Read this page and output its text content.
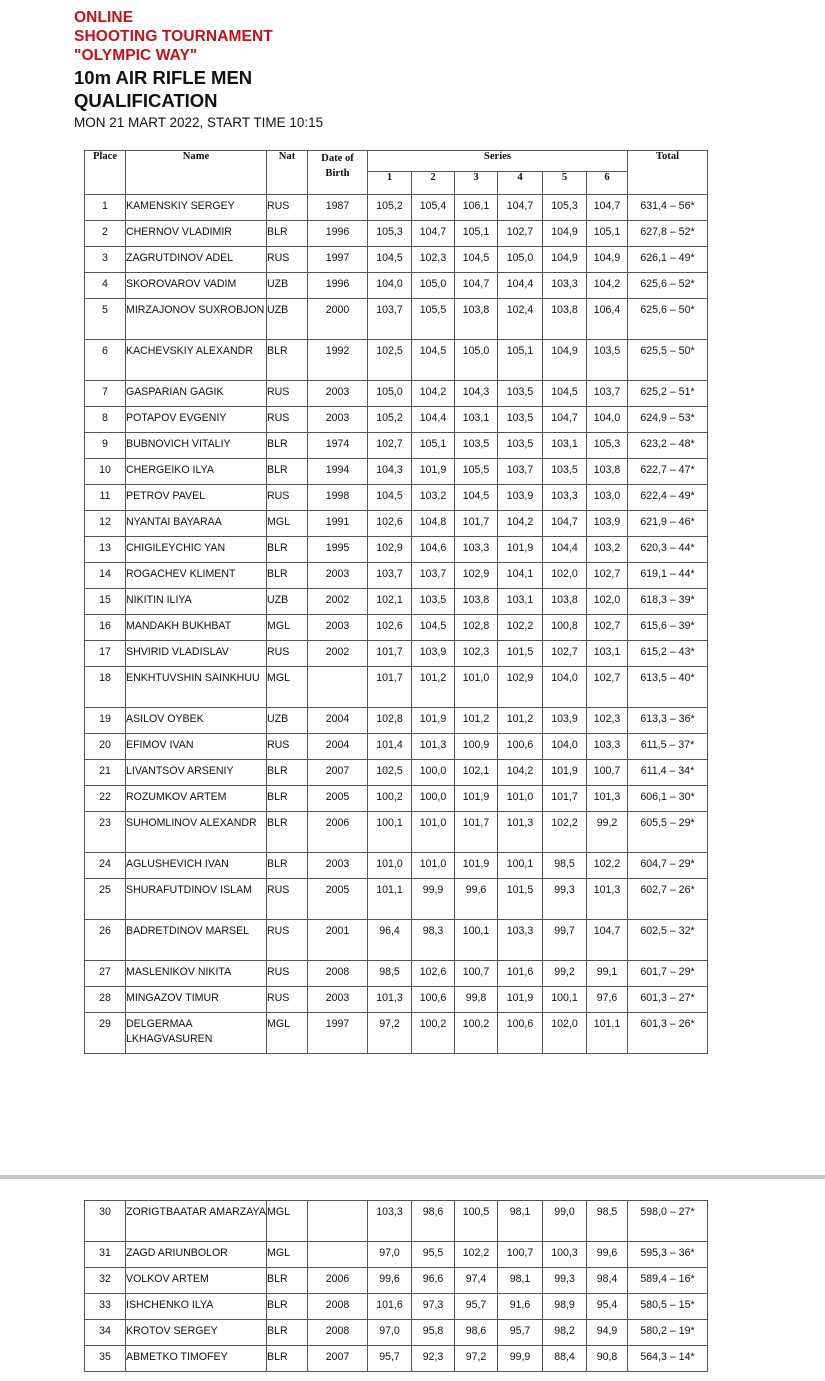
ONLINE
SHOOTING TOURNAMENT
"OLYMPIC WAY"
10m AIR RIFLE MEN
QUALIFICATION
MON 21 MART 2022, START TIME 10:15
Place	Name	Nat	Date of Birth	Series						Total
				1	2	3	4	5	6	
1	KAMENSKIY SERGEY	RUS	1987	105,2	105,4	106,1	104,7	105,3	104,7	631,4 – 56*
2	CHERNOV VLADIMIR	BLR	1996	105,3	104,7	105,1	102,7	104,9	105,1	627,8 – 52*
3	ZAGRUTDINOV ADEL	RUS	1997	104,5	102,3	104,5	105,0	104,9	104,9	626,1 – 49*
4	SKOROVAROV VADIM	UZB	1996	104,0	105,0	104,7	104,4	103,3	104,2	625,6 – 52*
5	MIRZAJONOV SUXROBJON	UZB	2000	103,7	105,5	103,8	102,4	103,8	106,4	625,6 – 50*
6	KACHEVSKIY ALEXANDR	BLR	1992	102,5	104,5	105,0	105,1	104,9	103,5	625,5 – 50*
7	GASPARIAN GAGIK	RUS	2003	105,0	104,2	104,3	103,5	104,5	103,7	625,2 – 51*
8	POTAPOV EVGENIY	RUS	2003	105,2	104,4	103,1	103,5	104,7	104,0	624,9 – 53*
9	BUBNOVICH VITALIY	BLR	1974	102,7	105,1	103,5	103,5	103,1	105,3	623,2 – 48*
10	CHERGEIKO ILYA	BLR	1994	104,3	101,9	105,5	103,7	103,5	103,8	622,7 – 47*
11	PETROV PAVEL	RUS	1998	104,5	103,2	104,5	103,9	103,3	103,0	622,4 – 49*
12	NYANTAI BAYARAA	MGL	1991	102,6	104,8	101,7	104,2	104,7	103,9	621,9 – 46*
13	CHIGILEYCHIC YAN	BLR	1995	102,9	104,6	103,3	101,9	104,4	103,2	620,3 – 44*
14	ROGACHEV KLIMENT	BLR	2003	103,7	103,7	102,9	104,1	102,0	102,7	619,1 – 44*
15	NIKITIN ILIYA	UZB	2002	102,1	103,5	103,8	103,1	103,8	102,0	618,3 – 39*
16	MANDAKH BUKHBAT	MGL	2003	102,6	104,5	102,8	102,2	100,8	102,7	615,6 – 39*
17	SHVIRID VLADISLAV	RUS	2002	101,7	103,9	102,3	101,5	102,7	103,1	615,2 – 43*
18	ENKHTUVSHIN SAINKHUU	MGL		101,7	101,2	101,0	102,9	104,0	102,7	613,5 – 40*
19	ASILOV OYBEK	UZB	2004	102,8	101,9	101,2	101,2	103,9	102,3	613,3 – 36*
20	EFIMOV IVAN	RUS	2004	101,4	101,3	100,9	100,6	104,0	103,3	611,5 – 37*
21	LIVANTSOV ARSENIY	BLR	2007	102,5	100,0	102,1	104,2	101,9	100,7	611,4 – 34*
22	ROZUMKOV ARTEM	BLR	2005	100,2	100,0	101,9	101,0	101,7	101,3	606,1 – 30*
23	SUHOMLINOV ALEXANDR	BLR	2006	100,1	101,0	101,7	101,3	102,2	99,2	605,5 – 29*
24	AGLUSHEVICH IVAN	BLR	2003	101,0	101,0	101,9	100,1	98,5	102,2	604,7 – 29*
25	SHURAFUTDINOV ISLAM	RUS	2005	101,1	99,9	99,6	101,5	99,3	101,3	602,7 – 26*
26	BADRETDINOV MARSEL	RUS	2001	96,4	98,3	100,1	103,3	99,7	104,7	602,5 – 32*
27	MASLENIKOV NIKITA	RUS	2008	98,5	102,6	100,7	101,6	99,2	99,1	601,7 – 29*
28	MINGAZOV TIMUR	RUS	2003	101,3	100,6	99,8	101,9	100,1	97,6	601,3 – 27*
29	DELGERMAA LKHAGVASUREN	MGL	1997	97,2	100,2	100,2	100,6	102,0	101,1	601,3 – 26*
30	ZORIGTBAATAR AMARZAYA	MGL		103,3	98,6	100,5	98,1	99,0	98,5	598,0 – 27*
31	ZAGD ARIUNBOLOR	MGL		97,0	95,5	102,2	100,7	100,3	99,6	595,3 – 36*
32	VOLKOV ARTEM	BLR	2006	99,6	96,6	97,4	98,1	99,3	98,4	589,4 – 16*
33	ISHCHENKO ILYA	BLR	2008	101,6	97,3	95,7	91,6	98,9	95,4	580,5 – 15*
34	KROTOV SERGEY	BLR	2008	97,0	95,8	98,6	95,7	98,2	94,9	580,2 – 19*
35	ABMETKO TIMOFEY	BLR	2007	95,7	92,3	97,2	99,9	88,4	90,8	564,3 – 14*
